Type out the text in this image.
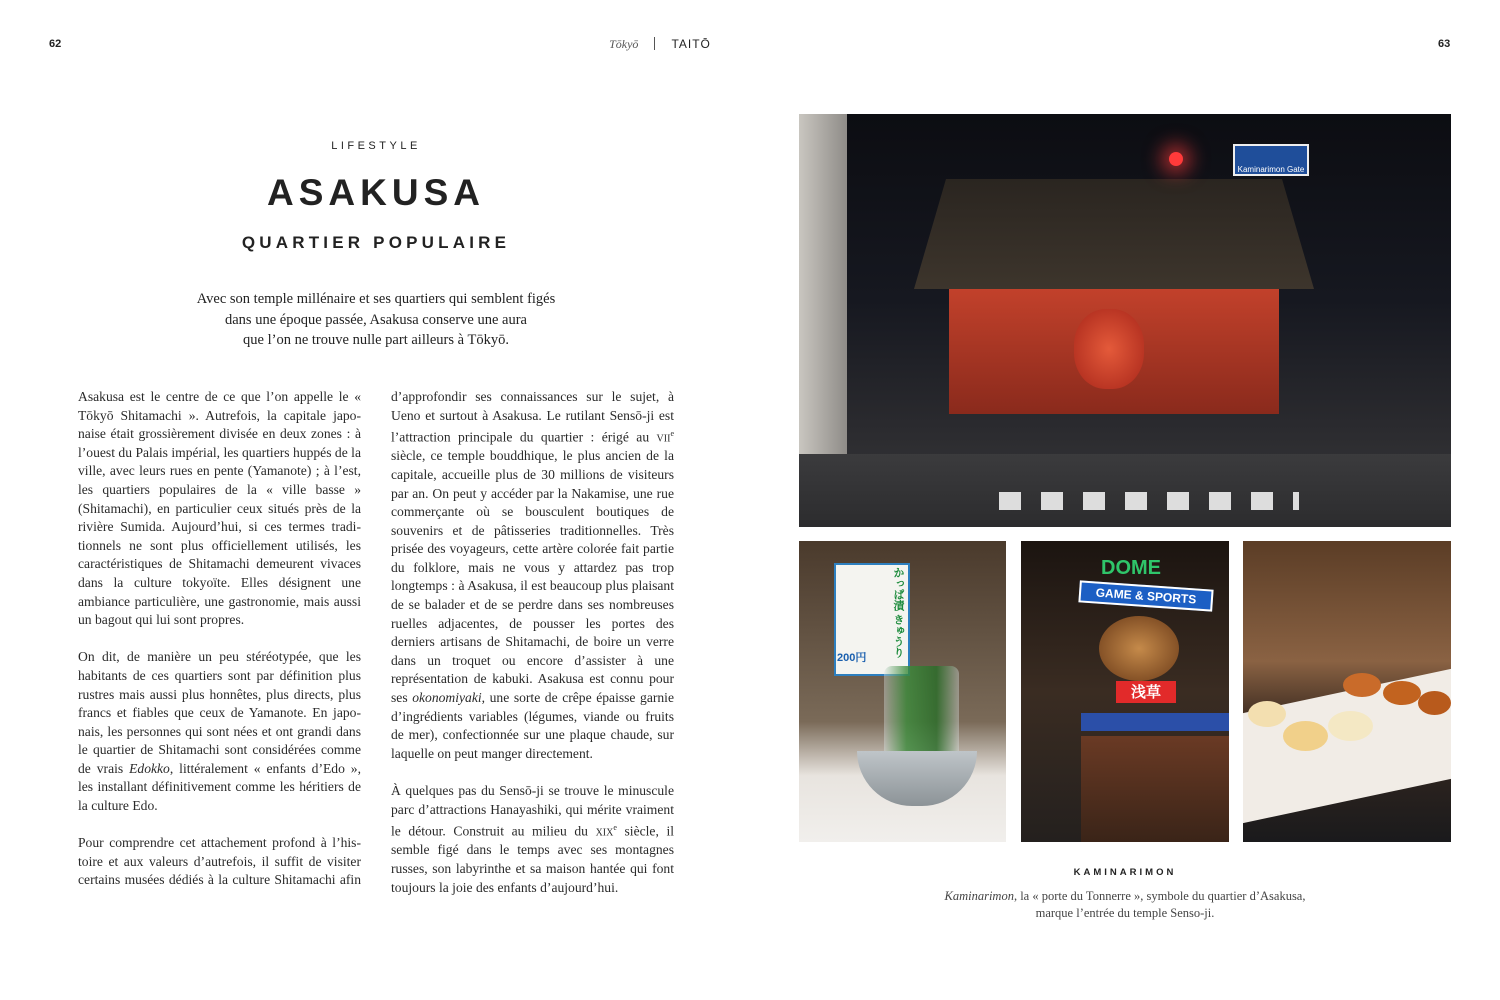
62	63
Tōkyō	TAITŌ
LIFESTYLE
ASAKUSA
QUARTIER POPULAIRE
Avec son temple millénaire et ses quartiers qui semblent figés
dans une époque passée, Asakusa conserve une aura
que l’on ne trouve nulle part ailleurs à Tōkyō.

Asakusa est le centre de ce que l’on appelle le « Tōkyō Shitamachi ». Autrefois, la capitale japonaise était grossièrement divisée en deux zones : à l’ouest du Palais impérial, les quartiers huppés de la ville, avec leurs rues en pente (Yamanote) ; à l’est, les quartiers populaires de la « ville basse » (Shitamachi), en particulier ceux situés près de la rivière Sumida. Aujourd’hui, si ces termes traditionnels ne sont plus officiellement utilisés, les caractéristiques de Shitamachi demeurent vivaces dans la culture tokyoïte. Elles désignent une ambiance particulière, une gastronomie, mais aussi un bagout qui lui sont propres.

On dit, de manière un peu stéréotypée, que les habitants de ces quartiers sont par définition plus rustres mais aussi plus honnêtes, plus directs, plus francs et fiables que ceux de Yamanote. En japonais, les personnes qui sont nées et ont grandi dans le quartier de Shitamachi sont considérées comme de vrais Edokko, littéralement « enfants d’Edo », les installant définitivement comme les héritiers de la culture Edo.

Pour comprendre cet attachement profond à l’histoire et aux valeurs d’autrefois, il suffit de visiter certains musées dédiés à la culture Shitamachi afin

d’approfondir ses connaissances sur le sujet, à Ueno et surtout à Asakusa. Le rutilant Sensō-ji est l’attraction principale du quartier : érigé au vii$^e$ siècle, ce temple bouddhique, le plus ancien de la capitale, accueille plus de 30 millions de visiteurs par an. On peut y accéder par la Nakamise, une rue commerçante où se bousculent boutiques de souvenirs et de pâtisseries traditionnelles. Très prisée des voyageurs, cette artère colorée fait partie du folklore, mais ne vous y attardez pas trop longtemps : à Asakusa, il est beaucoup plus plaisant de se balader et de se perdre dans ses nombreuses ruelles adjacentes, de pousser les portes des derniers artisans de Shitamachi, de boire un verre dans un troquet ou encore d’assister à une représentation de kabuki. Asakusa est connu pour ses okonomiyaki, une sorte de crêpe épaisse garnie d’ingrédients variables (légumes, viande ou fruits de mer), confectionnée sur une plaque chaude, sur laquelle on peut manger directement.

À quelques pas du Sensō-ji se trouve le minuscule parc d’attractions Hanayashiki, qui mérite vraiment le détour. Construit au milieu du xix$^e$ siècle, il semble figé dans le temps avec ses montagnes russes, son labyrinthe et sa maison hantée qui font toujours la joie des enfants d’aujourd’hui.

Kaminarimon Gate
かっぱ漬 きゅうり
200円
DOME
GAME & SPORTS
浅草
KAMINARIMON
Kaminarimon, la « porte du Tonnerre », symbole du quartier d’Asakusa,
marque l’entrée du temple Senso-ji.
